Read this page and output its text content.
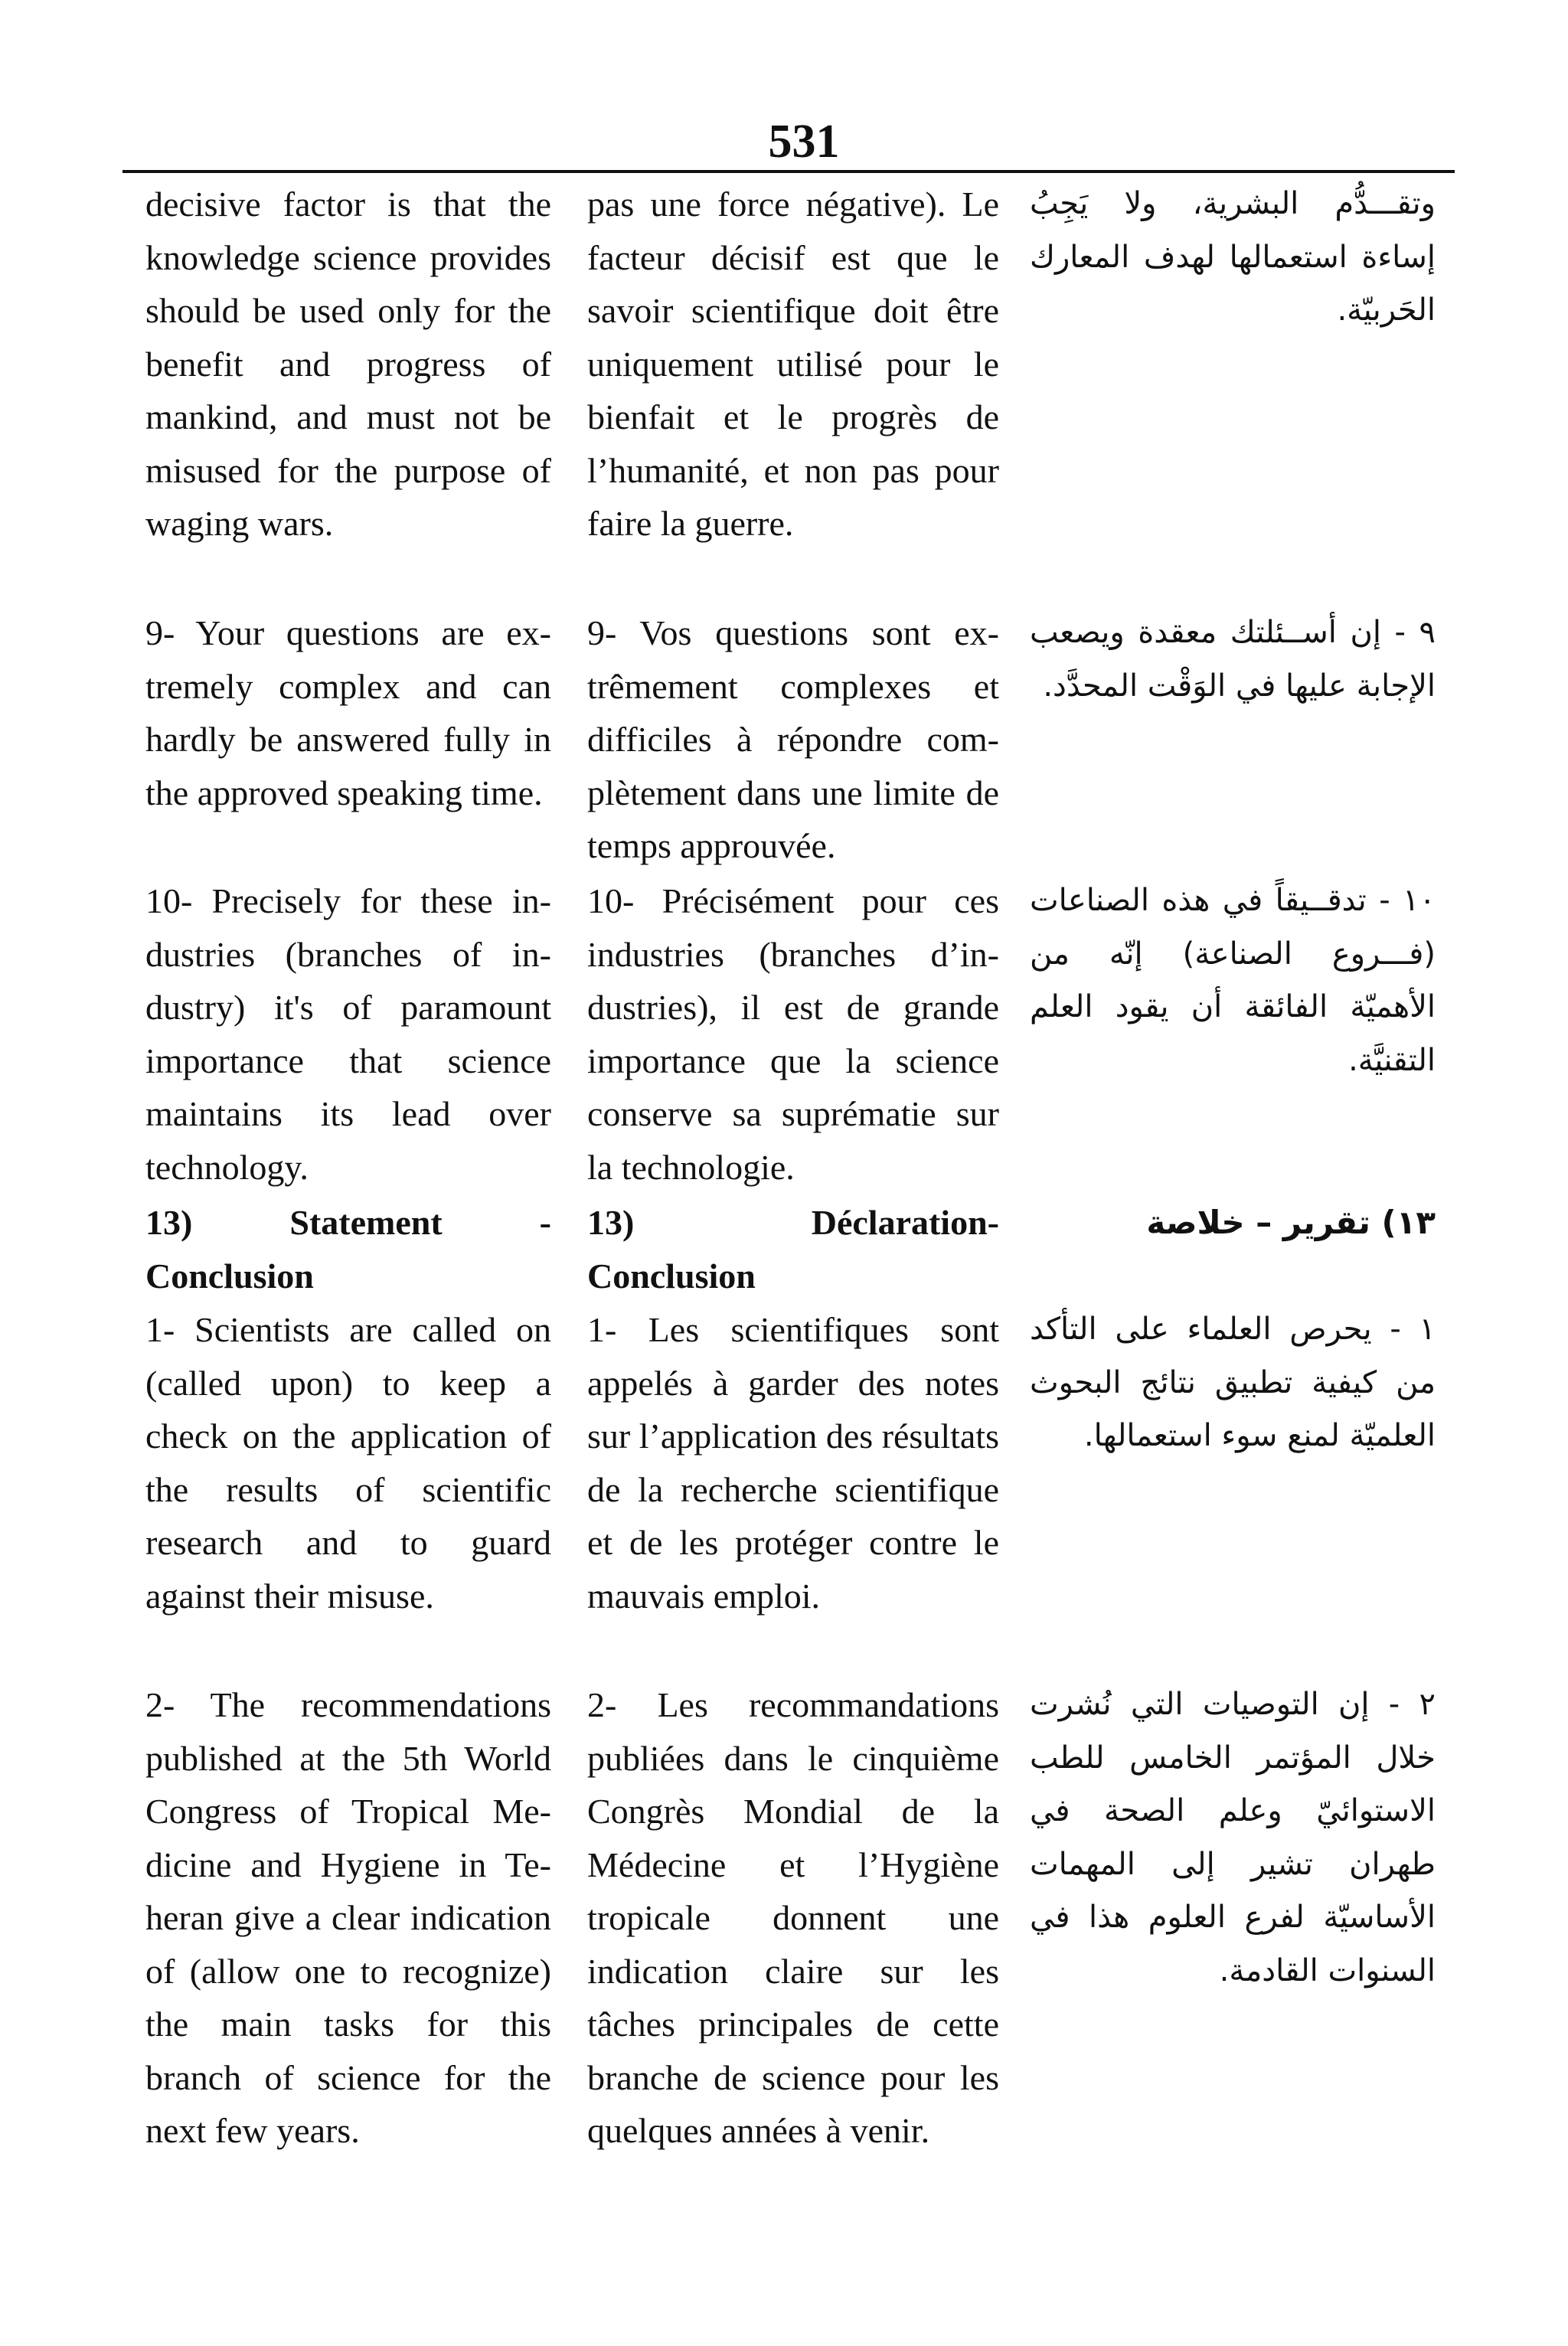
531

decisive factor is that the knowledge science provides should be used only for the benefit and progress of mankind, and must not be misused for the purpose of waging wars.

9- Your questions are extremely complex and can hardly be answered fully in the approved speaking time.

10- Precisely for these industries (branches of industry) it's of paramount importance that science maintains its lead over technology.

13) Statement - Conclusion

1- Scientists are called on (called upon) to keep a check on the application of the results of scientific research and to guard against their misuse.

2- The recommendations published at the 5th World Congress of Tropical Medicine and Hygiene in Teheran give a clear indication of (allow one to recognize) the main tasks for this branch of science for the next few years.

pas une force négative). Le facteur décisif est que le savoir scientifique doit être uniquement utilisé pour le bienfait et le progrès de l’humanité, et non pas pour faire la guerre.

9- Vos questions sont extrêmement complexes et difficiles à répondre complètement dans une limite de temps approuvée.

10- Précisément pour ces industries (branches d’industries), il est de grande importance que la science conserve sa suprématie sur la technologie.

13) Déclaration- Conclusion

1- Les scientifiques sont appelés à garder des notes sur l’application des résultats de la recherche scientifique et de les protéger contre le mauvais emploi.

2- Les recommandations publiées dans le cinquième Congrès Mondial de la Médecine et l’Hygiène tropicale donnent une indication claire sur les tâches principales de cette branche de science pour les quelques années à venir.

وتقـــدُّم البشرية، ولا يَجِبُ إساءة استعمالها لهدف المعارك الحَربيّة.

٩ - إن أســئلتك معقدة ويصعب الإجابة عليها في الوَقْت المحدَّد.

١٠ - تدقــيقاً في هذه الصناعات (فـــروع الصناعة) إنّه من الأهميّة الفائقة أن يقود العلم التقنيَّة.

١٣) تقرير – خلاصة

١ - يحرص العلماء على التأكد من كيفية تطبيق نتائج البحوث العلميّة لمنع سوء استعمالها.

٢ - إن التوصيات التي نُشرت خلال المؤتمر الخامس للطب الاستوائيّ وعلم الصحة في طهران تشير إلى المهمات الأساسيّة لفرع العلوم هذا في السنوات القادمة.
